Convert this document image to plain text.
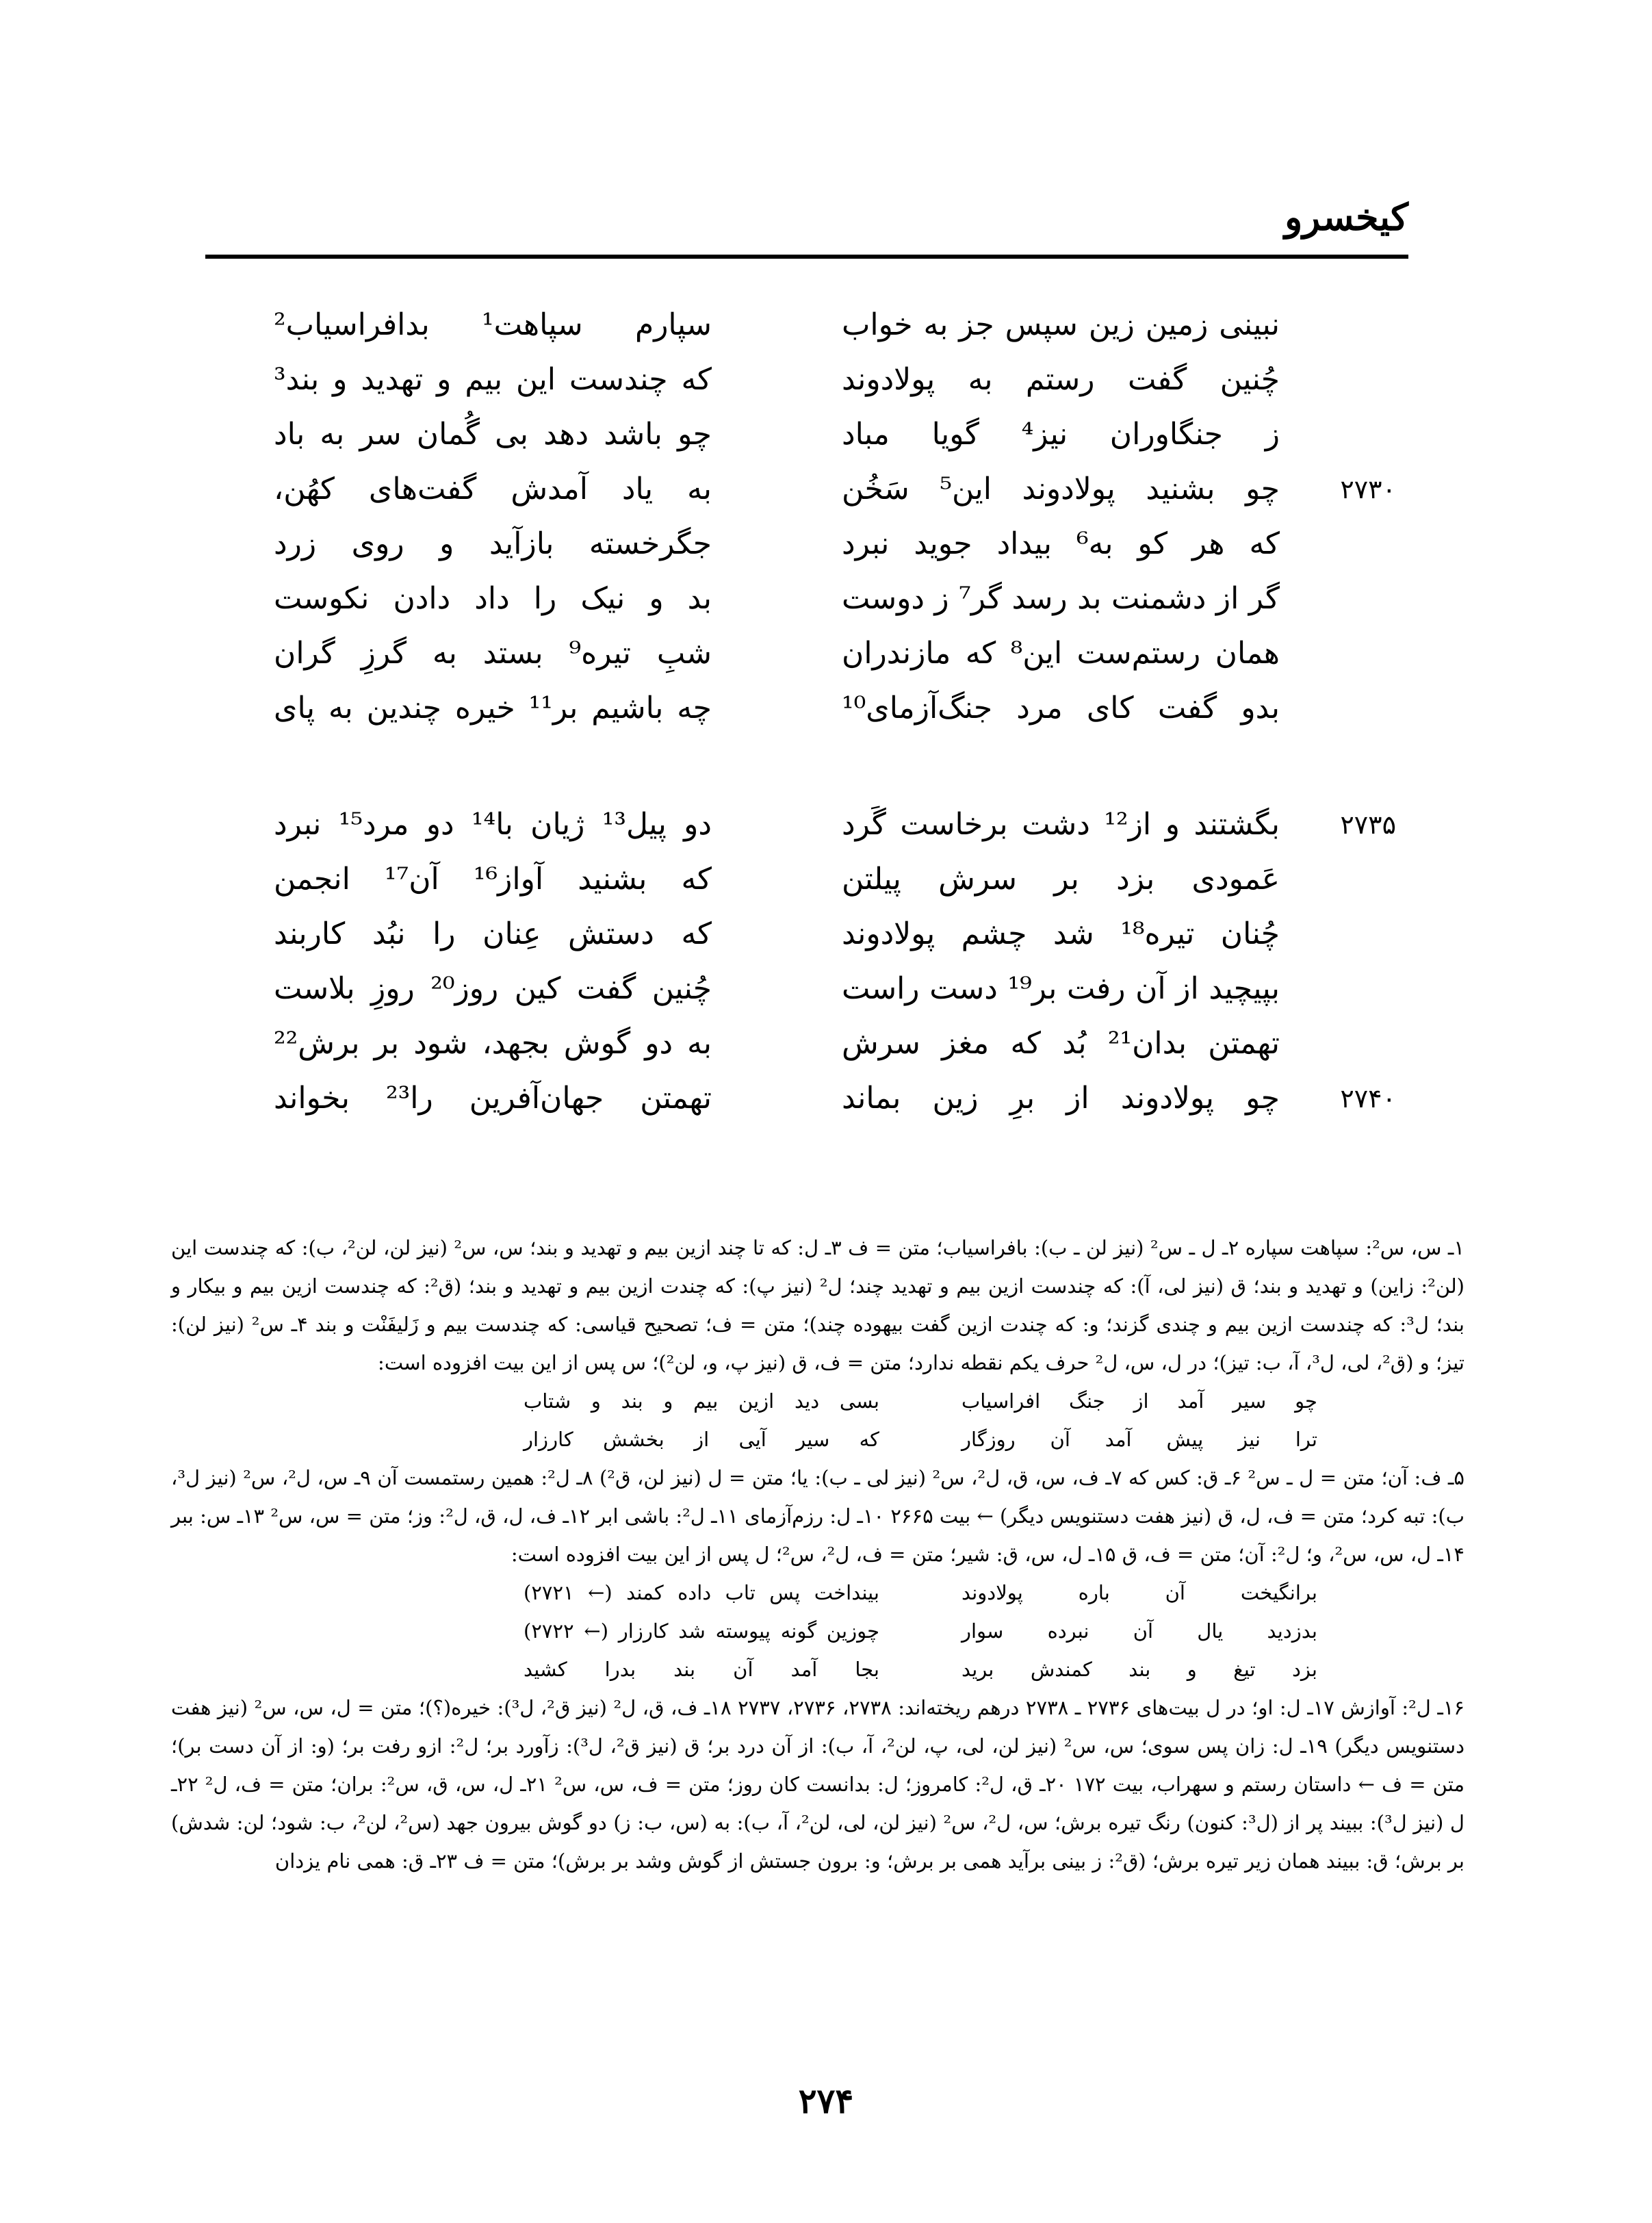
کیخسرو
نبینی زمین زین سپس جز به خواب
سپارم سپاهت¹ بدافراسیاب²
چُنین گفت رستم به پولادوند
که چندست این بیم و تهدید و بند³
ز جنگاوران نیز⁴ گویا مباد
چو باشد دهد بی گُمان سر به باد
۲۷۳۰
چو بشنید پولادوند این⁵ سَخُن
به یاد آمدش گفت‌های کهُن،
که هر کو به⁶ بیداد جوید نبرد
جگرخسته بازآید و روی زرد
گر از دشمنت بد رسد گر⁷ ز دوست
بد و نیک را داد دادن نکوست
همان رستم‌ست این⁸ که مازندران
شبِ تیره⁹ بستد به گرزِ گران
بدو گفت کای مرد جنگ‌آزمای¹⁰
چه باشیم بر¹¹ خیره چندین به پای
۲۷۳۵
بگشتند و از¹² دشت برخاست گَرد
دو پیل¹³ ژیان با¹⁴ دو مرد¹⁵ نبرد
عَمودی بزد بر سرش پیلتن
که بشنید آواز¹⁶ آن¹⁷ انجمن
چُنان تیره¹⁸ شد چشم پولادوند
که دستش عِنان را نبُد کاربند
بپیچید از آن رفت بر¹⁹ دست راست
چُنین گفت کین روز²⁰ روزِ بلاست
تهمتن بدان²¹ بُد که مغز سرش
به دو گوش بجهد، شود بر برش²²
۲۷۴۰
چو پولادوند از برِ زین بماند
تهمتن جهان‌آفرین را²³ بخواند

۱ـ س، س²: سپاهت سپاره ۲ـ ل ـ س² (نیز لن ـ ب): بافراسیاب؛ متن = ف ۳ـ ل: که تا چند ازین بیم و تهدید و بند؛ س، س² (نیز لن، لن²، ب): که چندست این (لن²: زاین) و تهدید و بند؛ ق (نیز لی، آ): که چندست ازین بیم و تهدید چند؛ ل² (نیز پ): که چندت ازین بیم و تهدید و بند؛ (ق²: که چندست ازین بیم و بیکار و بند؛ ل³: که چندست ازین بیم و چندی گزند؛ و: که چندت ازین گفت بیهوده چند)؛ متن = ف؛ تصحیح قیاسی: که چندست بیم و زَلیفَنْت و بند ۴ـ س² (نیز لن): تیز؛ و (ق²، لی، ل³، آ، ب: تیز)؛ در ل، س، ل² حرف یکم نقطه ندارد؛ متن = ف، ق (نیز پ، و، لن²)؛ س پس از این بیت افزوده است:

چو سیر آمد از جنگ افراسیاب
بسی دید ازین بیم و بند و شتاب
ترا نیز پیش آمد آن روزگار
که سیر آیی از بخشش کارزار

۵ـ ف: آن؛ متن = ل ـ س² ۶ـ ق: کس که ۷ـ ف، س، ق، ل²، س² (نیز لی ـ ب): یا؛ متن = ل (نیز لن، ق²) ۸ـ ل²: همین رستمست آن ۹ـ س، ل²، س² (نیز ل³، ب): تبه کرد؛ متن = ف، ل، ق (نیز هفت دستنویس دیگر) ← بیت ۲۶۶۵ ۱۰ـ ل: رزم‌آزمای ۱۱ـ ل²: باشی ابر ۱۲ـ ف، ل، ق، ل²: وز؛ متن = س، س² ۱۳ـ س: ببر ۱۴ـ ل، س، س²، و؛ ل²: آن؛ متن = ف، ق ۱۵ـ ل، س، ق: شیر؛ متن = ف، ل²، س²؛ ل پس از این بیت افزوده است:

برانگیخت آن باره پولادوند
بینداخت پس تاب داده کمند (← ۲۷۲۱)
بدزدید یال آن نبرده سوار
چوزین گونه پیوسته شد کارزار (← ۲۷۲۲)
بزد تیغ و بند کمندش برید
بجا آمد آن بند بدرا کشید

۱۶ـ ل²: آوازش ۱۷ـ ل: او؛ در ل بیت‌های ۲۷۳۶ ـ ۲۷۳۸ درهم ریخته‌اند: ۲۷۳۸، ۲۷۳۶، ۲۷۳۷ ۱۸ـ ف، ق، ل² (نیز ق²، ل³): خیره(؟)؛ متن = ل، س، س² (نیز هفت دستنویس دیگر) ۱۹ـ ل: زان پس سوی؛ س، س² (نیز لن، لی، پ، لن²، آ، ب): از آن درد بر؛ ق (نیز ق²، ل³): زآورد بر؛ ل²: ازو رفت بر؛ (و: از آن دست بر)؛ متن = ف ← داستان رستم و سهراب، بیت ۱۷۲ ۲۰ـ ق، ل²: کامروز؛ ل: بدانست کان روز؛ متن = ف، س، س² ۲۱ـ ل، س، ق، س²: بران؛ متن = ف، ل² ۲۲ـ ل (نیز ل³): ببیند پر از (ل³: کنون) رنگ تیره برش؛ س، ل²، س² (نیز لن، لی، لن²، آ، ب): به (س، ب: ز) دو گوش بیرون جهد (س²، لن²، ب: شود؛ لن: شدش) بر برش؛ ق: ببیند همان زیر تیره برش؛ (ق²: ز بینی برآید همی بر برش؛ و: برون جستش از گوش وشد بر برش)؛ متن = ف ۲۳ـ ق: همی نام یزدان

۲۷۴
